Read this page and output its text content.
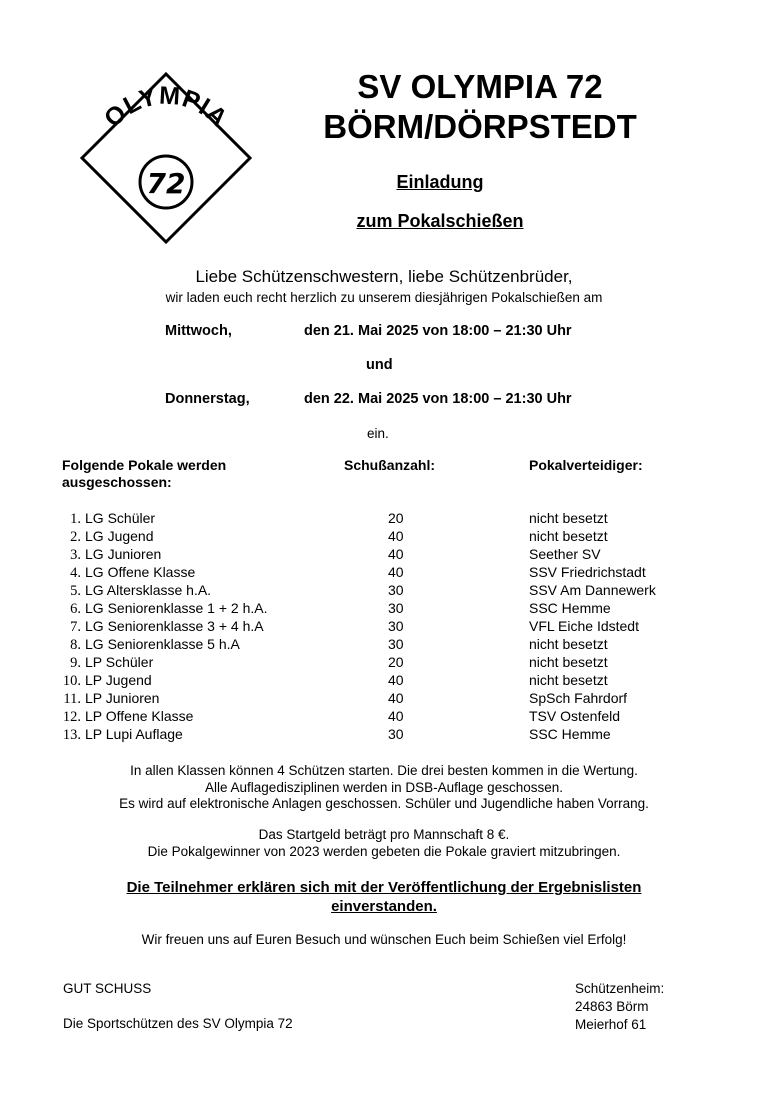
OLYMPIA
72
SV OLYMPIA 72
BÖRM/DÖRPSTEDT
Einladung
zum Pokalschießen
Liebe Schützenschwestern, liebe Schützenbrüder,
wir laden euch recht herzlich zu unserem diesjährigen Pokalschießen am
Mittwoch,	den 21. Mai 2025 von 18:00 – 21:30 Uhr
und
Donnerstag,	den 22. Mai 2025 von 18:00 – 21:30 Uhr
ein.
Folgende Pokale werden ausgeschossen:
Schußanzahl:	Pokalverteidiger:
1. LG Schüler	20	nicht besetzt
2. LG Jugend	40	nicht besetzt
3. LG Junioren	40	Seether SV
4. LG Offene Klasse	40	SSV Friedrichstadt
5. LG Altersklasse h.A.	30	SSV Am Dannewerk
6. LG Seniorenklasse 1 + 2 h.A.	30	SSC Hemme
7. LG Seniorenklasse 3 + 4 h.A	30	VFL Eiche Idstedt
8. LG Seniorenklasse 5 h.A	30	nicht besetzt
9. LP Schüler	20	nicht besetzt
10. LP Jugend	40	nicht besetzt
11. LP Junioren	40	SpSch Fahrdorf
12. LP Offene Klasse	40	TSV Ostenfeld
13. LP Lupi Auflage	30	SSC Hemme
In allen Klassen können 4 Schützen starten. Die drei besten kommen in die Wertung.
Alle Auflagedisziplinen werden in DSB-Auflage geschossen.
Es wird auf elektronische Anlagen geschossen. Schüler und Jugendliche haben Vorrang.
Das Startgeld beträgt pro Mannschaft 8 €.
Die Pokalgewinner von 2023 werden gebeten die Pokale graviert mitzubringen.
Die Teilnehmer erklären sich mit der Veröffentlichung der Ergebnislisten
einverstanden.
Wir freuen uns auf Euren Besuch und wünschen Euch beim Schießen viel Erfolg!
GUT SCHUSS
Die Sportschützen des SV Olympia 72
Schützenheim:
24863 Börm
Meierhof 61
